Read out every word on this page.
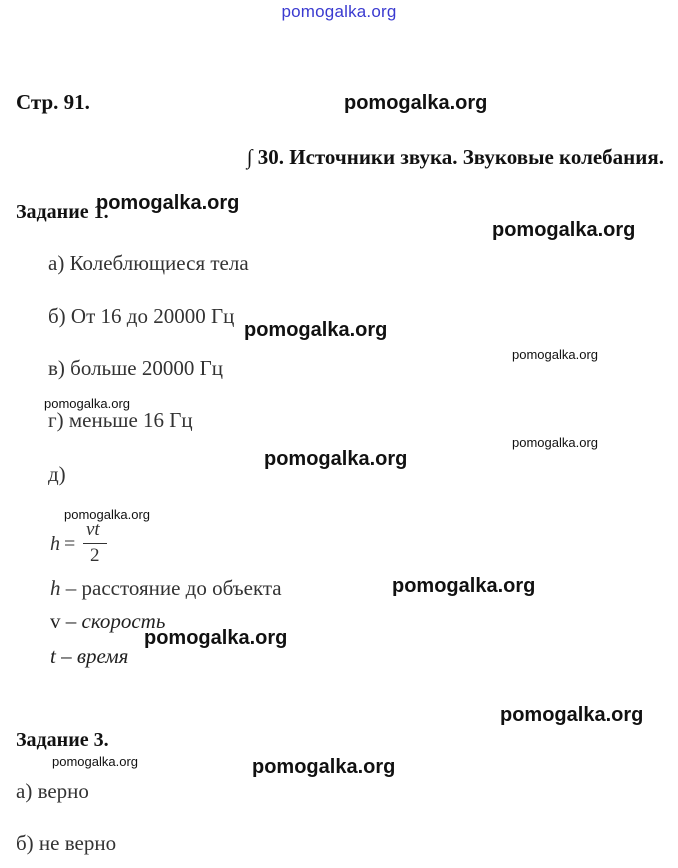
pomogalka.org
Стр. 91.
∫ 30. Источники звука. Звуковые колебания.
Задание 1.
а) Колеблющиеся тела
б) От 16 до 20000 Гц
в) больше 20000 Гц
г) меньше 16 Гц
д)
h =
vt
2
h – расстояние до объекта
v – скорость
t – время
Задание 3.
а) верно
б) не верно
pomogalka.org
pomogalka.org
pomogalka.org
pomogalka.org
pomogalka.org
pomogalka.org
pomogalka.org
pomogalka.org
pomogalka.org
pomogalka.org
pomogalka.org
pomogalka.org
pomogalka.org	pomogalka.org
